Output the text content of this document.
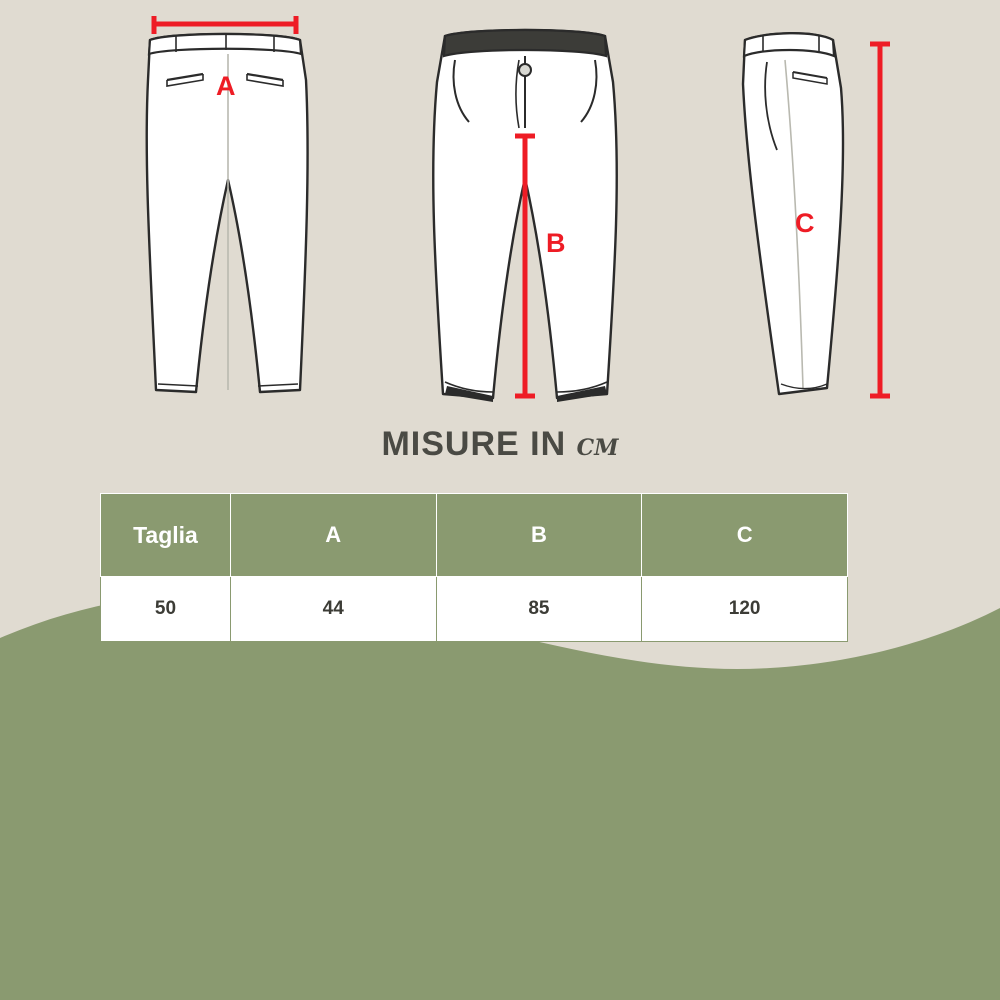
A
B
C
MISURE IN cm
Taglia	A	B	C
50	44	85	120
